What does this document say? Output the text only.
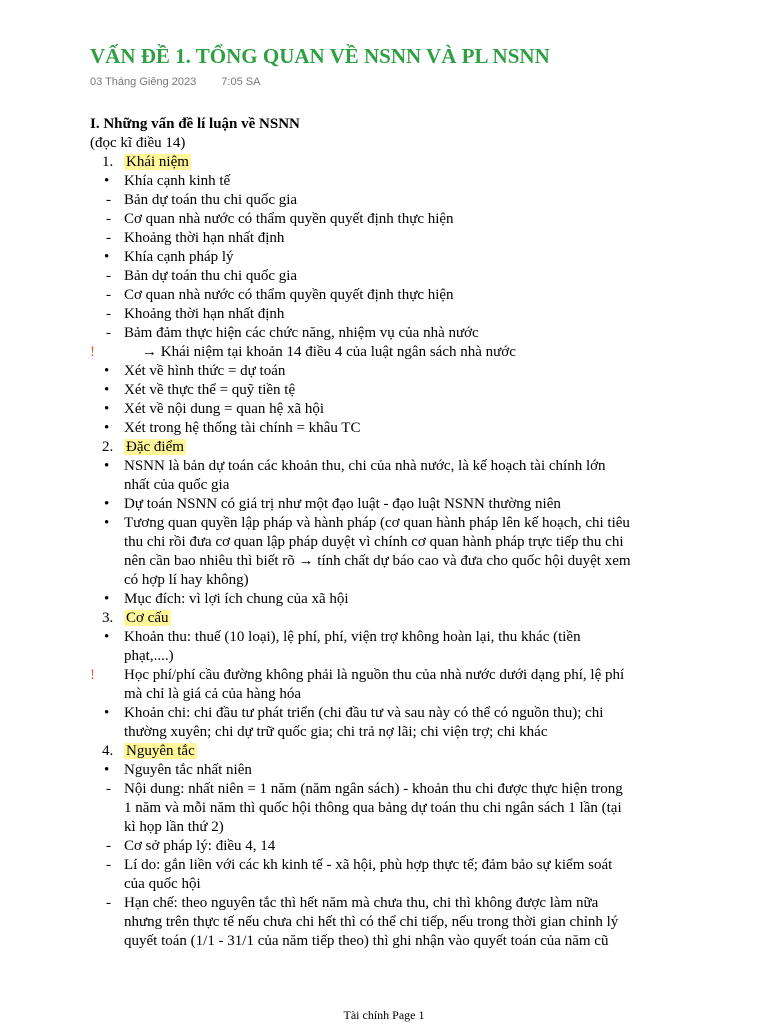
VẤN ĐỀ 1. TỔNG QUAN VỀ NSNN VÀ PL NSNN
03 Tháng Giêng 2023 7:05 SA
I. Những vấn đề lí luận về NSNN
(đọc kĩ điều 14)
1. Khái niệm
• Khía cạnh kinh tế
- Bản dự toán thu chi quốc gia
- Cơ quan nhà nước có thẩm quyền quyết định thực hiện
- Khoảng thời hạn nhất định
• Khía cạnh pháp lý
- Bản dự toán thu chi quốc gia
- Cơ quan nhà nước có thẩm quyền quyết định thực hiện
- Khoảng thời hạn nhất định
- Bảm đảm thực hiện các chức năng, nhiệm vụ của nhà nước
!	→ Khái niệm tại khoản 14 điều 4 của luật ngân sách nhà nước
• Xét về hình thức = dự toán
• Xét về thực thể = quỹ tiền tệ
• Xét về nội dung = quan hệ xã hội
• Xét trong hệ thống tài chính = khâu TC
2. Đặc điểm
• NSNN là bản dự toán các khoản thu, chi của nhà nước, là kế hoạch tài chính lớn
nhất của quốc gia
• Dự toán NSNN có giá trị như một đạo luật - đạo luật NSNN thường niên
• Tương quan quyền lập pháp và hành pháp (cơ quan hành pháp lên kế hoạch, chi tiêu
thu chi rồi đưa cơ quan lập pháp duyệt vì chính cơ quan hành pháp trực tiếp thu chi
nên cần bao nhiêu thì biết rõ → tính chất dự báo cao và đưa cho quốc hội duyệt xem
có hợp lí hay không)
• Mục đích: vì lợi ích chung của xã hội
3. Cơ cấu
• Khoản thu: thuế (10 loại), lệ phí, phí, viện trợ không hoàn lại, thu khác (tiền
phạt,....)
! Học phí/phí cầu đường không phải là nguồn thu của nhà nước dưới dạng phí, lệ phí
mà chỉ là giá cả của hàng hóa
• Khoản chi: chi đầu tư phát triển (chi đầu tư và sau này có thể có nguồn thu); chi
thường xuyên; chi dự trữ quốc gia; chi trả nợ lãi; chi viện trợ; chi khác
4. Nguyên tắc
• Nguyên tắc nhất niên
- Nội dung: nhất niên = 1 năm (năm ngân sách) - khoản thu chi được thực hiện trong
1 năm và mỗi năm thì quốc hội thông qua bảng dự toán thu chi ngân sách 1 lần (tại
kì họp lần thứ 2)
- Cơ sở pháp lý: điều 4, 14
- Lí do: gắn liền với các kh kinh tế - xã hội, phù hợp thực tế; đảm bảo sự kiểm soát
của quốc hội
- Hạn chế: theo nguyên tắc thì hết năm mà chưa thu, chi thì không được làm nữa
nhưng trên thực tế nếu chưa chi hết thì có thể chi tiếp, nếu trong thời gian chỉnh lý
quyết toán (1/1 - 31/1 của năm tiếp theo) thì ghi nhận vào quyết toán của năm cũ
Tài chính Page 1
